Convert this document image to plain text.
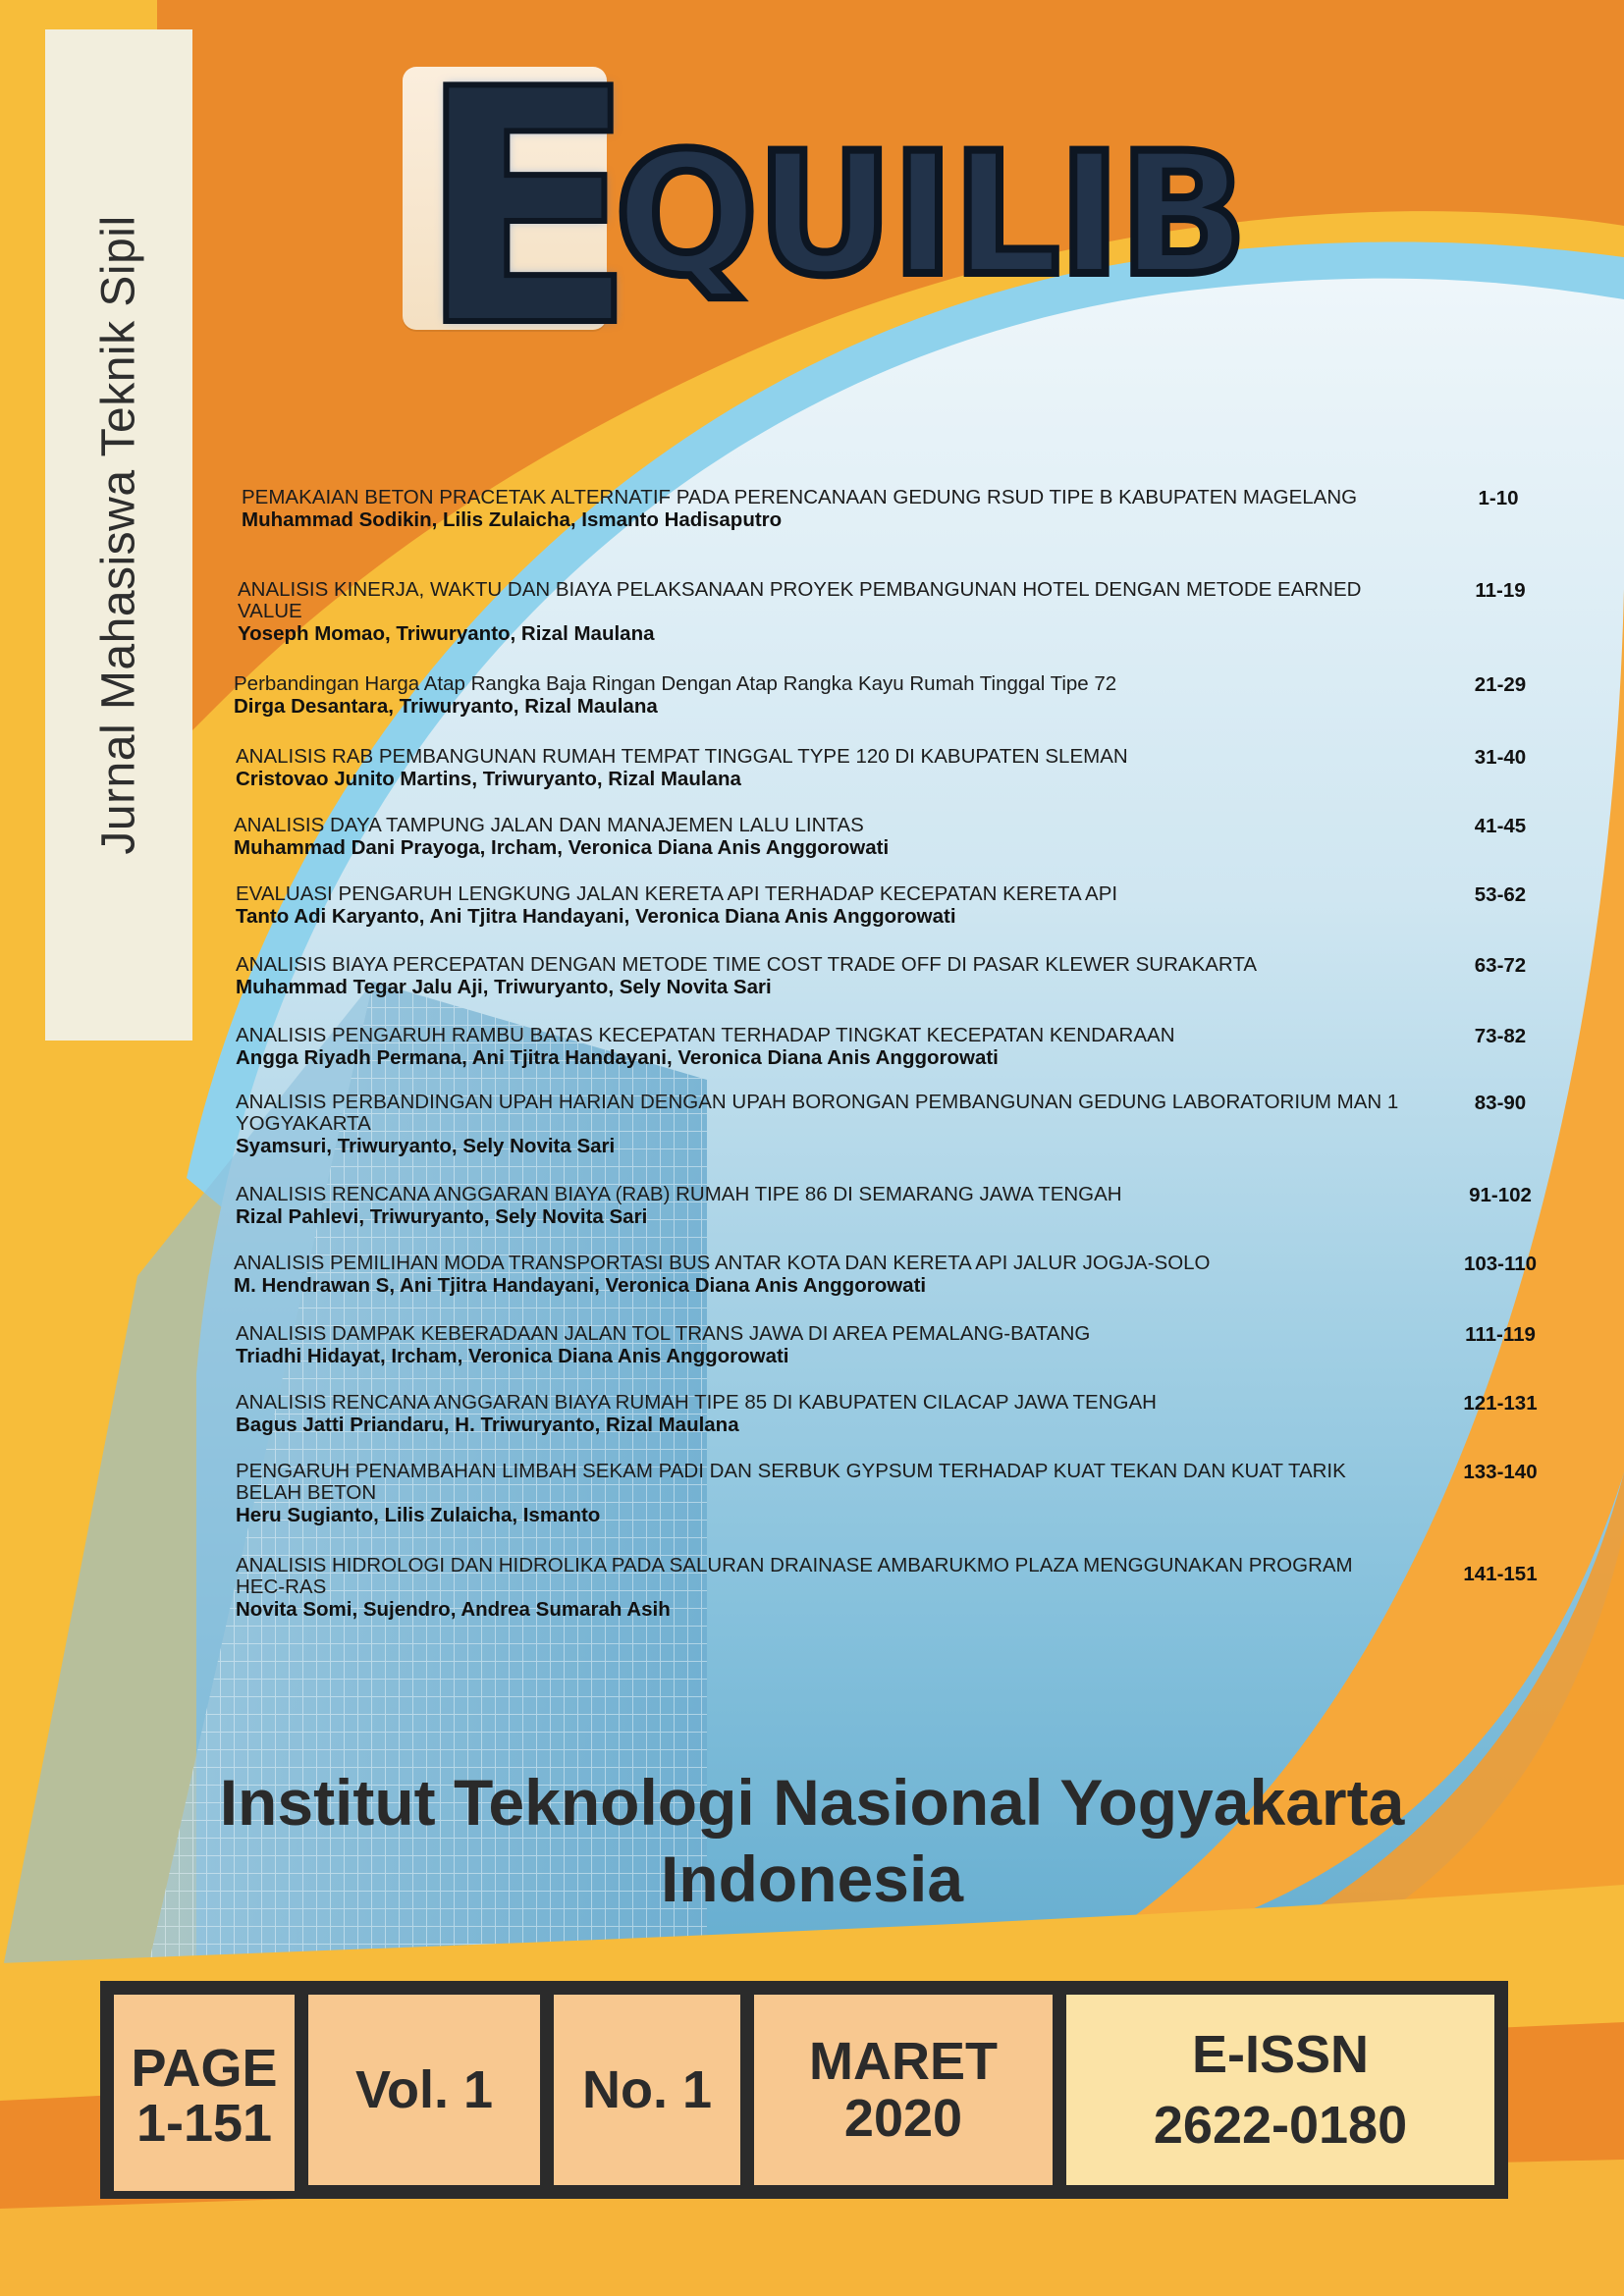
Jurnal Mahasiswa Teknik Sipil
E
QUILIB
PEMAKAIAN BETON PRACETAK ALTERNATIF PADA PERENCANAAN GEDUNG RSUD TIPE B KABUPATEN MAGELANG
Muhammad Sodikin, Lilis Zulaicha, Ismanto Hadisaputro
1-10
ANALISIS KINERJA, WAKTU DAN BIAYA PELAKSANAAN PROYEK PEMBANGUNAN HOTEL DENGAN METODE EARNED VALUE
Yoseph Momao, Triwuryanto, Rizal Maulana
11-19
Perbandingan Harga Atap Rangka Baja Ringan Dengan Atap Rangka Kayu Rumah Tinggal Tipe 72
Dirga Desantara, Triwuryanto, Rizal Maulana
21-29
ANALISIS RAB PEMBANGUNAN RUMAH TEMPAT TINGGAL TYPE 120 DI KABUPATEN SLEMAN
Cristovao Junito Martins, Triwuryanto, Rizal Maulana
31-40
ANALISIS DAYA TAMPUNG JALAN DAN MANAJEMEN LALU LINTAS
Muhammad Dani Prayoga, Ircham, Veronica Diana Anis Anggorowati
41-45
EVALUASI PENGARUH LENGKUNG JALAN KERETA API TERHADAP KECEPATAN KERETA API
Tanto Adi Karyanto, Ani Tjitra Handayani, Veronica Diana Anis Anggorowati
53-62
ANALISIS BIAYA PERCEPATAN DENGAN METODE TIME COST TRADE OFF DI PASAR KLEWER SURAKARTA
Muhammad Tegar Jalu Aji, Triwuryanto, Sely Novita Sari
63-72
ANALISIS PENGARUH RAMBU BATAS KECEPATAN TERHADAP TINGKAT KECEPATAN KENDARAAN
Angga Riyadh Permana, Ani Tjitra Handayani, Veronica Diana Anis Anggorowati
73-82
ANALISIS PERBANDINGAN UPAH HARIAN DENGAN UPAH BORONGAN PEMBANGUNAN GEDUNG LABORATORIUM MAN 1 YOGYAKARTA
Syamsuri, Triwuryanto, Sely Novita Sari
83-90
ANALISIS RENCANA ANGGARAN BIAYA (RAB) RUMAH TIPE 86 DI SEMARANG JAWA TENGAH
Rizal Pahlevi, Triwuryanto, Sely Novita Sari
91-102
ANALISIS PEMILIHAN MODA TRANSPORTASI BUS ANTAR KOTA DAN KERETA API JALUR JOGJA-SOLO
M. Hendrawan S, Ani Tjitra Handayani, Veronica Diana Anis Anggorowati
103-110
ANALISIS DAMPAK KEBERADAAN JALAN TOL TRANS JAWA DI AREA PEMALANG-BATANG
Triadhi Hidayat, Ircham, Veronica Diana Anis Anggorowati
111-119
ANALISIS RENCANA ANGGARAN BIAYA RUMAH TIPE 85 DI KABUPATEN CILACAP JAWA TENGAH
Bagus Jatti Priandaru, H. Triwuryanto, Rizal Maulana
121-131
PENGARUH PENAMBAHAN LIMBAH SEKAM PADI DAN SERBUK GYPSUM TERHADAP KUAT TEKAN DAN KUAT TARIK BELAH BETON
Heru Sugianto, Lilis Zulaicha, Ismanto
133-140
ANALISIS HIDROLOGI DAN HIDROLIKA PADA SALURAN DRAINASE AMBARUKMO PLAZA MENGGUNAKAN PROGRAM HEC-RAS
Novita Somi, Sujendro, Andrea Sumarah Asih
141-151
Institut Teknologi Nasional Yogyakarta
Indonesia
PAGE
1-151
Vol. 1 No. 1 MARET
2020
E-ISSN
2622-0180
